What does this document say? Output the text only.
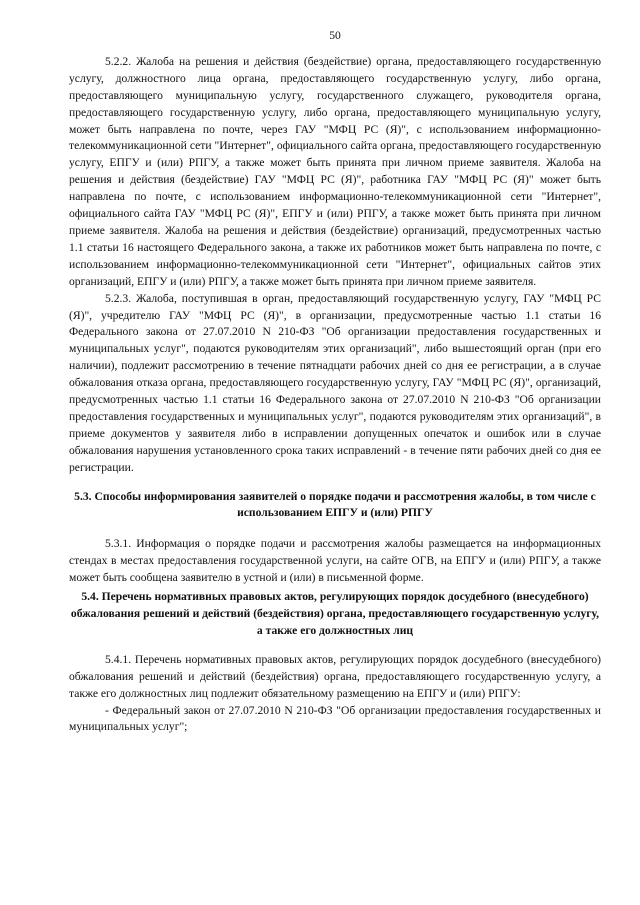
50

5.2.2. Жалоба на решения и действия (бездействие) органа, предоставляющего государственную услугу, должностного лица органа, предоставляющего государственную услугу, либо органа, предоставляющего муниципальную услугу, государственного служащего, руководителя органа, предоставляющего государственную услугу, либо органа, предоставляющего муниципальную услугу, может быть направлена по почте, через ГАУ "МФЦ РС (Я)", с использованием информационно-телекоммуникационной сети "Интернет", официального сайта органа, предоставляющего государственную услугу, ЕПГУ и (или) РПГУ, а также может быть принята при личном приеме заявителя. Жалоба на решения и действия (бездействие) ГАУ "МФЦ РС (Я)", работника ГАУ "МФЦ РС (Я)" может быть направлена по почте, с использованием информационно-телекоммуникационной сети "Интернет", официального сайта ГАУ "МФЦ РС (Я)", ЕПГУ и (или) РПГУ, а также может быть принята при личном приеме заявителя. Жалоба на решения и действия (бездействие) организаций, предусмотренных частью 1.1 статьи 16 настоящего Федерального закона, а также их работников может быть направлена по почте, с использованием информационно-телекоммуникационной сети "Интернет", официальных сайтов этих организаций, ЕПГУ и (или) РПГУ, а также может быть принята при личном приеме заявителя.

5.2.3. Жалоба, поступившая в орган, предоставляющий государственную услугу, ГАУ "МФЦ РС (Я)", учредителю ГАУ "МФЦ РС (Я)", в организации, предусмотренные частью 1.1 статьи 16 Федерального закона от 27.07.2010 N 210-ФЗ "Об организации предоставления государственных и муниципальных услуг", подаются руководителям этих организаций", либо вышестоящий орган (при его наличии), подлежит рассмотрению в течение пятнадцати рабочих дней со дня ее регистрации, а в случае обжалования отказа органа, предоставляющего государственную услугу, ГАУ "МФЦ РС (Я)", организаций, предусмотренных частью 1.1 статьи 16 Федерального закона от 27.07.2010 N 210-ФЗ "Об организации предоставления государственных и муниципальных услуг", подаются руководителям этих организаций", в приеме документов у заявителя либо в исправлении допущенных опечаток и ошибок или в случае обжалования нарушения установленного срока таких исправлений - в течение пяти рабочих дней со дня ее регистрации.

5.3. Способы информирования заявителей о порядке подачи и рассмотрения жалобы, в том числе с использованием ЕПГУ и (или) РПГУ

5.3.1. Информация о порядке подачи и рассмотрения жалобы размещается на информационных стендах в местах предоставления государственной услуги, на сайте ОГВ, на ЕПГУ и (или) РПГУ, а также может быть сообщена заявителю в устной и (или) в письменной форме.

5.4. Перечень нормативных правовых актов, регулирующих порядок досудебного (внесудебного) обжалования решений и действий (бездействия) органа, предоставляющего государственную услугу, а также его должностных лиц

5.4.1. Перечень нормативных правовых актов, регулирующих порядок досудебного (внесудебного) обжалования решений и действий (бездействия) органа, предоставляющего государственную услугу, а также его должностных лиц подлежит обязательному размещению на ЕПГУ и (или) РПГУ:

- Федеральный закон от 27.07.2010 N 210-ФЗ "Об организации предоставления государственных и муниципальных услуг";
